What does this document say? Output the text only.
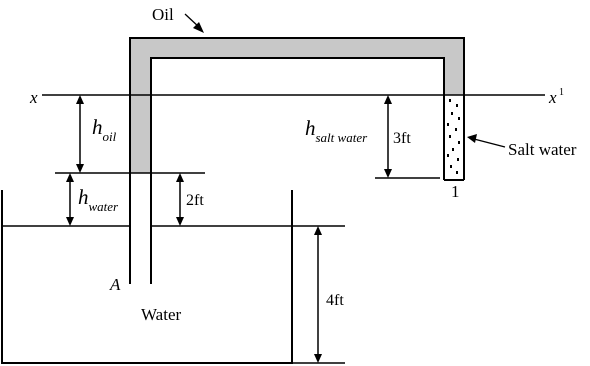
x	x 1
Oil
Water
A
$h_{oil}$
$h_{water}$	2ft
4ft
$h_{salt water}$ 3ft
Salt water
1
